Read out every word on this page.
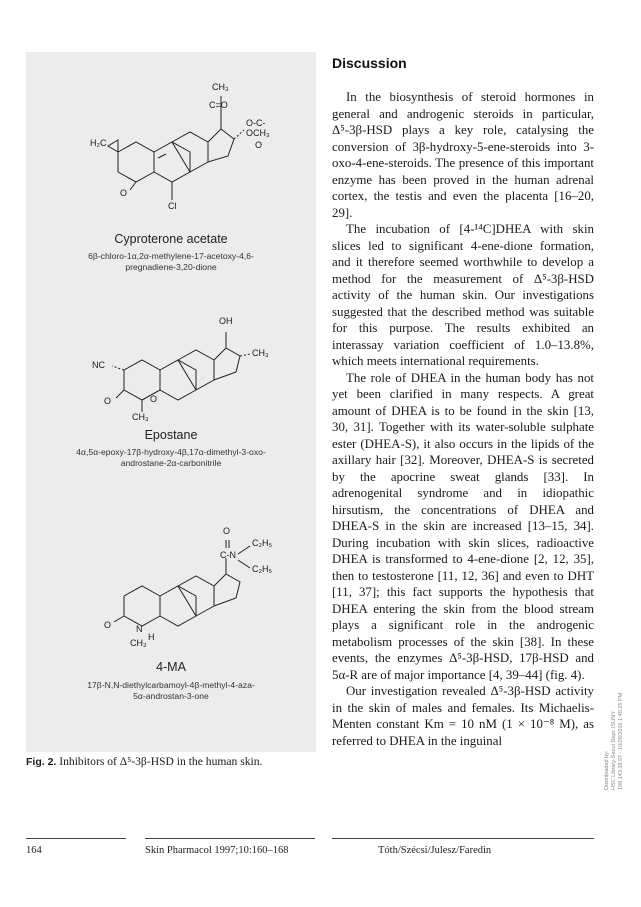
CH₃
C=O
O-C-OCH₃
O
H₂C
O
Cl
Cyproterone acetate
6β-chloro-1α,2α-methylene-17-acetoxy-4,6-
pregnadiene-3,20-dione
OH
CH₃
NC
O	O
CH₃
Epostane
4α,5α-epoxy-17β-hydroxy-4β,17α-dimethyl-3-oxo-
androstane-2α-carbonitrile
O
C-N
C₂H₅
C₂H₅
O	N
H
CH₃
4-MA
17β-N,N-diethylcarbamoyl-4β-methyl-4-aza-
5α-androstan-3-one
Fig. 2. Inhibitors of Δ⁵-3β-HSD in the human skin.
Discussion

In the biosynthesis of steroid hormones in general and androgenic steroids in particular, Δ⁵-3β-HSD plays a key role, catalysing the conversion of 3β-hydroxy-5-ene-steroids into 3-oxo-4-ene-steroids. The presence of this important enzyme has been proved in the human adrenal cortex, the testis and even the placenta [16–20, 29].

The incubation of [4-¹⁴C]DHEA with skin slices led to significant 4-ene-dione formation, and it therefore seemed worthwhile to develop a method for the measurement of Δ⁵-3β-HSD activity of the human skin. Our investigations suggested that the described method was suitable for this purpose. The results exhibited an interassay variation coefficient of 1.0–13.8%, which meets international requirements.

The role of DHEA in the human body has not yet been clarified in many respects. A great amount of DHEA is to be found in the skin [13, 30, 31]. Together with its water-soluble sulphate ester (DHEA-S), it also occurs in the lipids of the axillary hair [32]. Moreover, DHEA-S is secreted by the apocrine sweat glands [33]. In adrenogenital syndrome and in idiopathic hirsutism, the concentrations of DHEA and DHEA-S in the skin are increased [13–15, 34]. During incubation with skin slices, radioactive DHEA is transformed to 4-ene-dione [2, 12, 35], then to testosterone [11, 12, 36] and even to DHT [11, 37]; this fact supports the hypothesis that DHEA entering the skin from the blood stream plays a significant role in the androgenic metabolism processes of the skin [38]. In these events, the enzymes Δ⁵-3β-HSD, 17β-HSD and 5α-R are of major importance [4, 39–44] (fig. 4).

Our investigation revealed Δ⁵-3β-HSD activity in the skin of males and females. Its Michaelis-Menten constant Km = 10 nM (1 × 10⁻⁸ M), as referred to DHEA in the inguinal

164	Skin Pharmacol 1997;10:160–168	Tóth/Szécsi/Julesz/Faredin
Downloaded by: HSC Library-Seoul Dept. ISUNY 198.143.38.97 - 10/28/2016 1:45:25 PM
